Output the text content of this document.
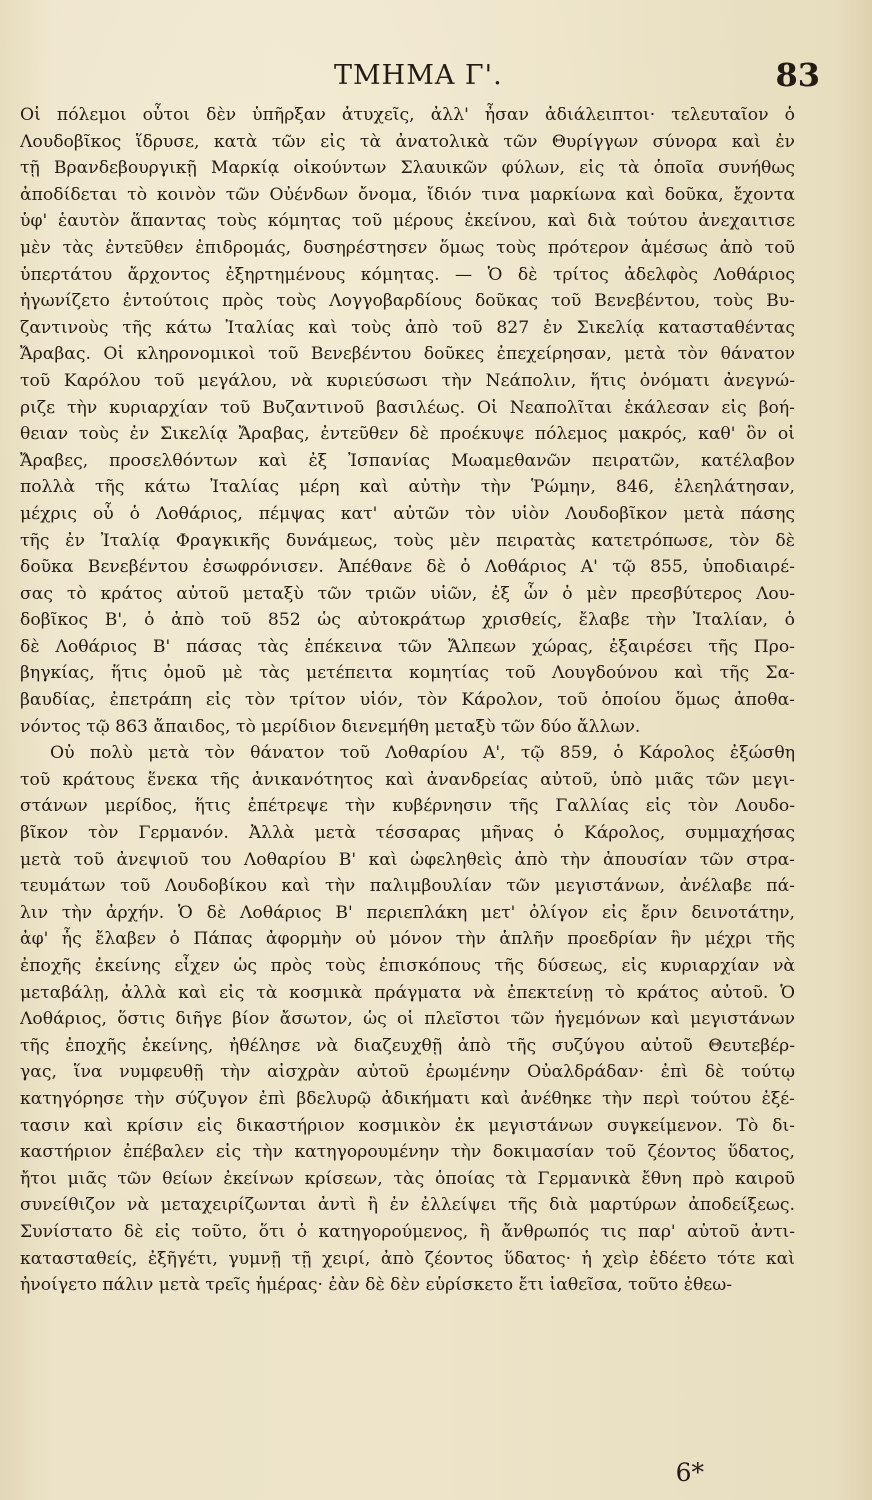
ΤΜΗΜΑ Γ'.	83
Οἱ πόλεμοι οὗτοι δὲν ὑπῆρξαν ἀτυχεῖς, ἀλλ' ἦσαν ἀδιάλειπτοι· τελευταῖον ὁ
Λουδοβῖκος ἵδρυσε, κατὰ τῶν εἰς τὰ ἀνατολικὰ τῶν Θυρίγγων σύνορα καὶ ἐν
τῇ Βρανδεβουργικῇ Μαρκίᾳ οἰκούντων Σλαυικῶν φύλων, εἰς τὰ ὁποῖα συνήθως
ἀποδίδεται τὸ κοινὸν τῶν Οὐένδων ὄνομα, ἴδιόν τινα μαρκίωνα καὶ δοῦκα, ἔχοντα
ὑφ' ἑαυτὸν ἅπαντας τοὺς κόμητας τοῦ μέρους ἐκείνου, καὶ διὰ τούτου ἀνεχαιτισε
μὲν τὰς ἐντεῦθεν ἐπιδρομάς, δυσηρέστησεν ὅμως τοὺς πρότερον ἀμέσως ἀπὸ τοῦ
ὑπερτάτου ἄρχοντος ἐξηρτημένους κόμητας. — Ὁ δὲ τρίτος ἀδελφὸς Λοθάριος
ἠγωνίζετο ἐντούτοις πρὸς τοὺς Λογγοβαρδίους δοῦκας τοῦ Βενεβέντου, τοὺς Βυ-
ζαντινοὺς τῆς κάτω Ἰταλίας καὶ τοὺς ἀπὸ τοῦ 827 ἐν Σικελίᾳ κατασταθέντας
Ἄραβας. Οἱ κληρονομικοὶ τοῦ Βενεβέντου δοῦκες ἐπεχείρησαν, μετὰ τὸν θάνατον
τοῦ Καρόλου τοῦ μεγάλου, νὰ κυριεύσωσι τὴν Νεάπολιν, ἥτις ὀνόματι ἀνεγνώ-
ριζε τὴν κυριαρχίαν τοῦ Βυζαντινοῦ βασιλέως. Οἱ Νεαπολῖται ἐκάλεσαν εἰς βοή-
θειαν τοὺς ἐν Σικελίᾳ Ἄραβας, ἐντεῦθεν δὲ προέκυψε πόλεμος μακρός, καθ' ὃν οἱ
Ἄραβες, προσελθόντων καὶ ἐξ Ἰσπανίας Μωαμεθανῶν πειρατῶν, κατέλαβον
πολλὰ τῆς κάτω Ἰταλίας μέρη καὶ αὐτὴν τὴν Ῥώμην, 846, ἐλεηλάτησαν,
μέχρις οὗ ὁ Λοθάριος, πέμψας κατ' αὐτῶν τὸν υἱὸν Λουδοβῖκον μετὰ πάσης
τῆς ἐν Ἰταλίᾳ Φραγκικῆς δυνάμεως, τοὺς μὲν πειρατὰς κατετρόπωσε, τὸν δὲ
δοῦκα Βενεβέντου ἐσωφρόνισεν. Ἀπέθανε δὲ ὁ Λοθάριος Α' τῷ 855, ὑποδιαιρέ-
σας τὸ κράτος αὐτοῦ μεταξὺ τῶν τριῶν υἱῶν, ἐξ ὧν ὁ μὲν πρεσβύτερος Λου-
δοβῖκος Β', ὁ ἀπὸ τοῦ 852 ὡς αὐτοκράτωρ χρισθείς, ἔλαβε τὴν Ἰταλίαν, ὁ
δὲ Λοθάριος Β' πάσας τὰς ἐπέκεινα τῶν Ἄλπεων χώρας, ἐξαιρέσει τῆς Προ-
βηγκίας, ἥτις ὁμοῦ μὲ τὰς μετέπειτα κομητίας τοῦ Λουγδούνου καὶ τῆς Σα-
βαυδίας, ἐπετράπη εἰς τὸν τρίτον υἱόν, τὸν Κάρολον, τοῦ ὁποίου ὅμως ἀποθα-
νόντος τῷ 863 ἄπαιδος, τὸ μερίδιον διενεμήθη μεταξὺ τῶν δύο ἄλλων.
Οὐ πολὺ μετὰ τὸν θάνατον τοῦ Λοθαρίου Α', τῷ 859, ὁ Κάρολος ἐξώσθη
τοῦ κράτους ἕνεκα τῆς ἀνικανότητος καὶ ἀνανδρείας αὐτοῦ, ὑπὸ μιᾶς τῶν μεγι-
στάνων μερίδος, ἥτις ἐπέτρεψε τὴν κυβέρνησιν τῆς Γαλλίας εἰς τὸν Λουδο-
βῖκον τὸν Γερμανόν. Ἀλλὰ μετὰ τέσσαρας μῆνας ὁ Κάρολος, συμμαχήσας
μετὰ τοῦ ἀνεψιοῦ του Λοθαρίου Β' καὶ ὠφεληθεὶς ἀπὸ τὴν ἀπουσίαν τῶν στρα-
τευμάτων τοῦ Λουδοβίκου καὶ τὴν παλιμβουλίαν τῶν μεγιστάνων, ἀνέλαβε πά-
λιν τὴν ἀρχήν. Ὁ δὲ Λοθάριος Β' περιεπλάκη μετ' ὀλίγον εἰς ἔριν δεινοτάτην,
ἀφ' ἧς ἔλαβεν ὁ Πάπας ἀφορμὴν οὐ μόνον τὴν ἁπλῆν προεδρίαν ἣν μέχρι τῆς
ἐποχῆς ἐκείνης εἶχεν ὡς πρὸς τοὺς ἐπισκόπους τῆς δύσεως, εἰς κυριαρχίαν νὰ
μεταβάλῃ, ἀλλὰ καὶ εἰς τὰ κοσμικὰ πράγματα νὰ ἐπεκτείνῃ τὸ κράτος αὐτοῦ. Ὁ
Λοθάριος, ὅστις διῆγε βίον ἄσωτον, ὡς οἱ πλεῖστοι τῶν ἡγεμόνων καὶ μεγιστάνων
τῆς ἐποχῆς ἐκείνης, ἠθέλησε νὰ διαζευχθῇ ἀπὸ τῆς συζύγου αὐτοῦ Θευτεβέρ-
γας, ἵνα νυμφευθῇ τὴν αἰσχρὰν αὐτοῦ ἐρωμένην Οὐαλδράδαν· ἐπὶ δὲ τούτῳ
κατηγόρησε τὴν σύζυγον ἐπὶ βδελυρῷ ἀδικήματι καὶ ἀνέθηκε τὴν περὶ τούτου ἐξέ-
τασιν καὶ κρίσιν εἰς δικαστήριον κοσμικὸν ἐκ μεγιστάνων συγκείμενον. Τὸ δι-
καστήριον ἐπέβαλεν εἰς τὴν κατηγορουμένην τὴν δοκιμασίαν τοῦ ζέοντος ὕδατος,
ἤτοι μιᾶς τῶν θείων ἐκείνων κρίσεων, τὰς ὁποίας τὰ Γερμανικὰ ἔθνη πρὸ καιροῦ
συνείθιζον νὰ μεταχειρίζωνται ἀντὶ ἢ ἐν ἐλλείψει τῆς διὰ μαρτύρων ἀποδείξεως.
Συνίστατο δὲ εἰς τοῦτο, ὅτι ὁ κατηγορούμενος, ἢ ἄνθρωπός τις παρ' αὐτοῦ ἀντι-
κατασταθείς, ἐξῆγέτι, γυμνῇ τῇ χειρί, ἀπὸ ζέοντος ὕδατος· ἡ χεὶρ ἐδέετο τότε καὶ
ἠνοίγετο πάλιν μετὰ τρεῖς ἡμέρας· ἐὰν δὲ δὲν εὑρίσκετο ἔτι ἰαθεῖσα, τοῦτο ἐθεω-
6*
